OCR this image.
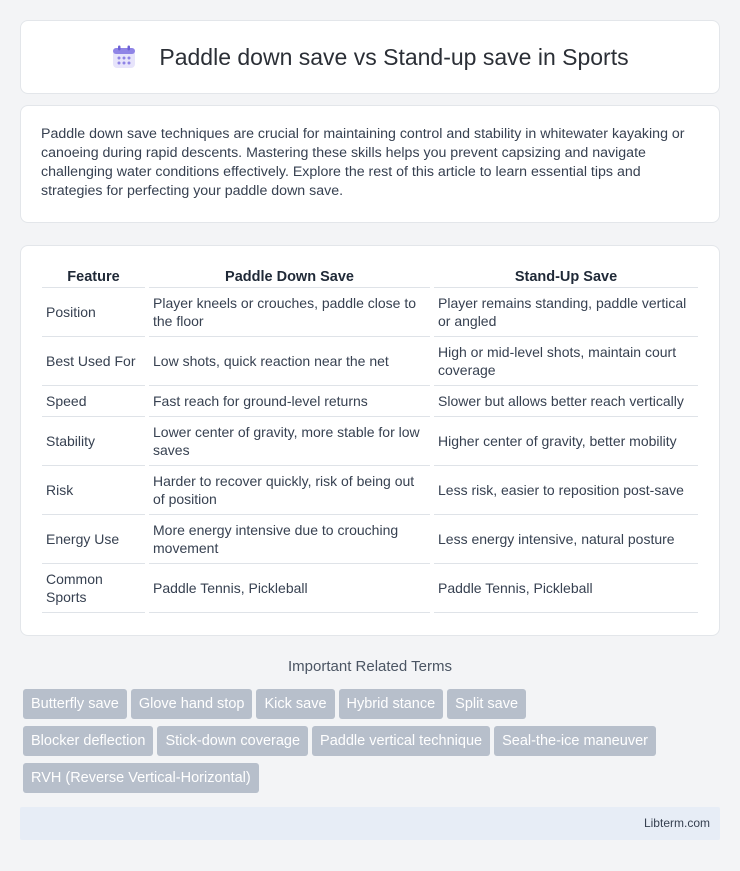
Paddle down save vs Stand-up save in Sports

Paddle down save techniques are crucial for maintaining control and stability in whitewater kayaking or canoeing during rapid descents. Mastering these skills helps you prevent capsizing and navigate challenging water conditions effectively. Explore the rest of this article to learn essential tips and strategies for perfecting your paddle down save.

Feature	Paddle Down Save	Stand-Up Save
Position	Player kneels or crouches, paddle close to the floor	Player remains standing, paddle vertical or angled
Best Used For	Low shots, quick reaction near the net	High or mid-level shots, maintain court coverage
Speed	Fast reach for ground-level returns	Slower but allows better reach vertically
Stability	Lower center of gravity, more stable for low saves	Higher center of gravity, better mobility
Risk	Harder to recover quickly, risk of being out of position	Less risk, easier to reposition post-save
Energy Use	More energy intensive due to crouching movement	Less energy intensive, natural posture
Common Sports	Paddle Tennis, Pickleball	Paddle Tennis, Pickleball
Important Related Terms
Butterfly save Glove hand stop Kick save Hybrid stance Split save
Blocker deflection Stick-down coverage Paddle vertical technique Seal-the-ice maneuver
RVH (Reverse Vertical-Horizontal)
Libterm.com
